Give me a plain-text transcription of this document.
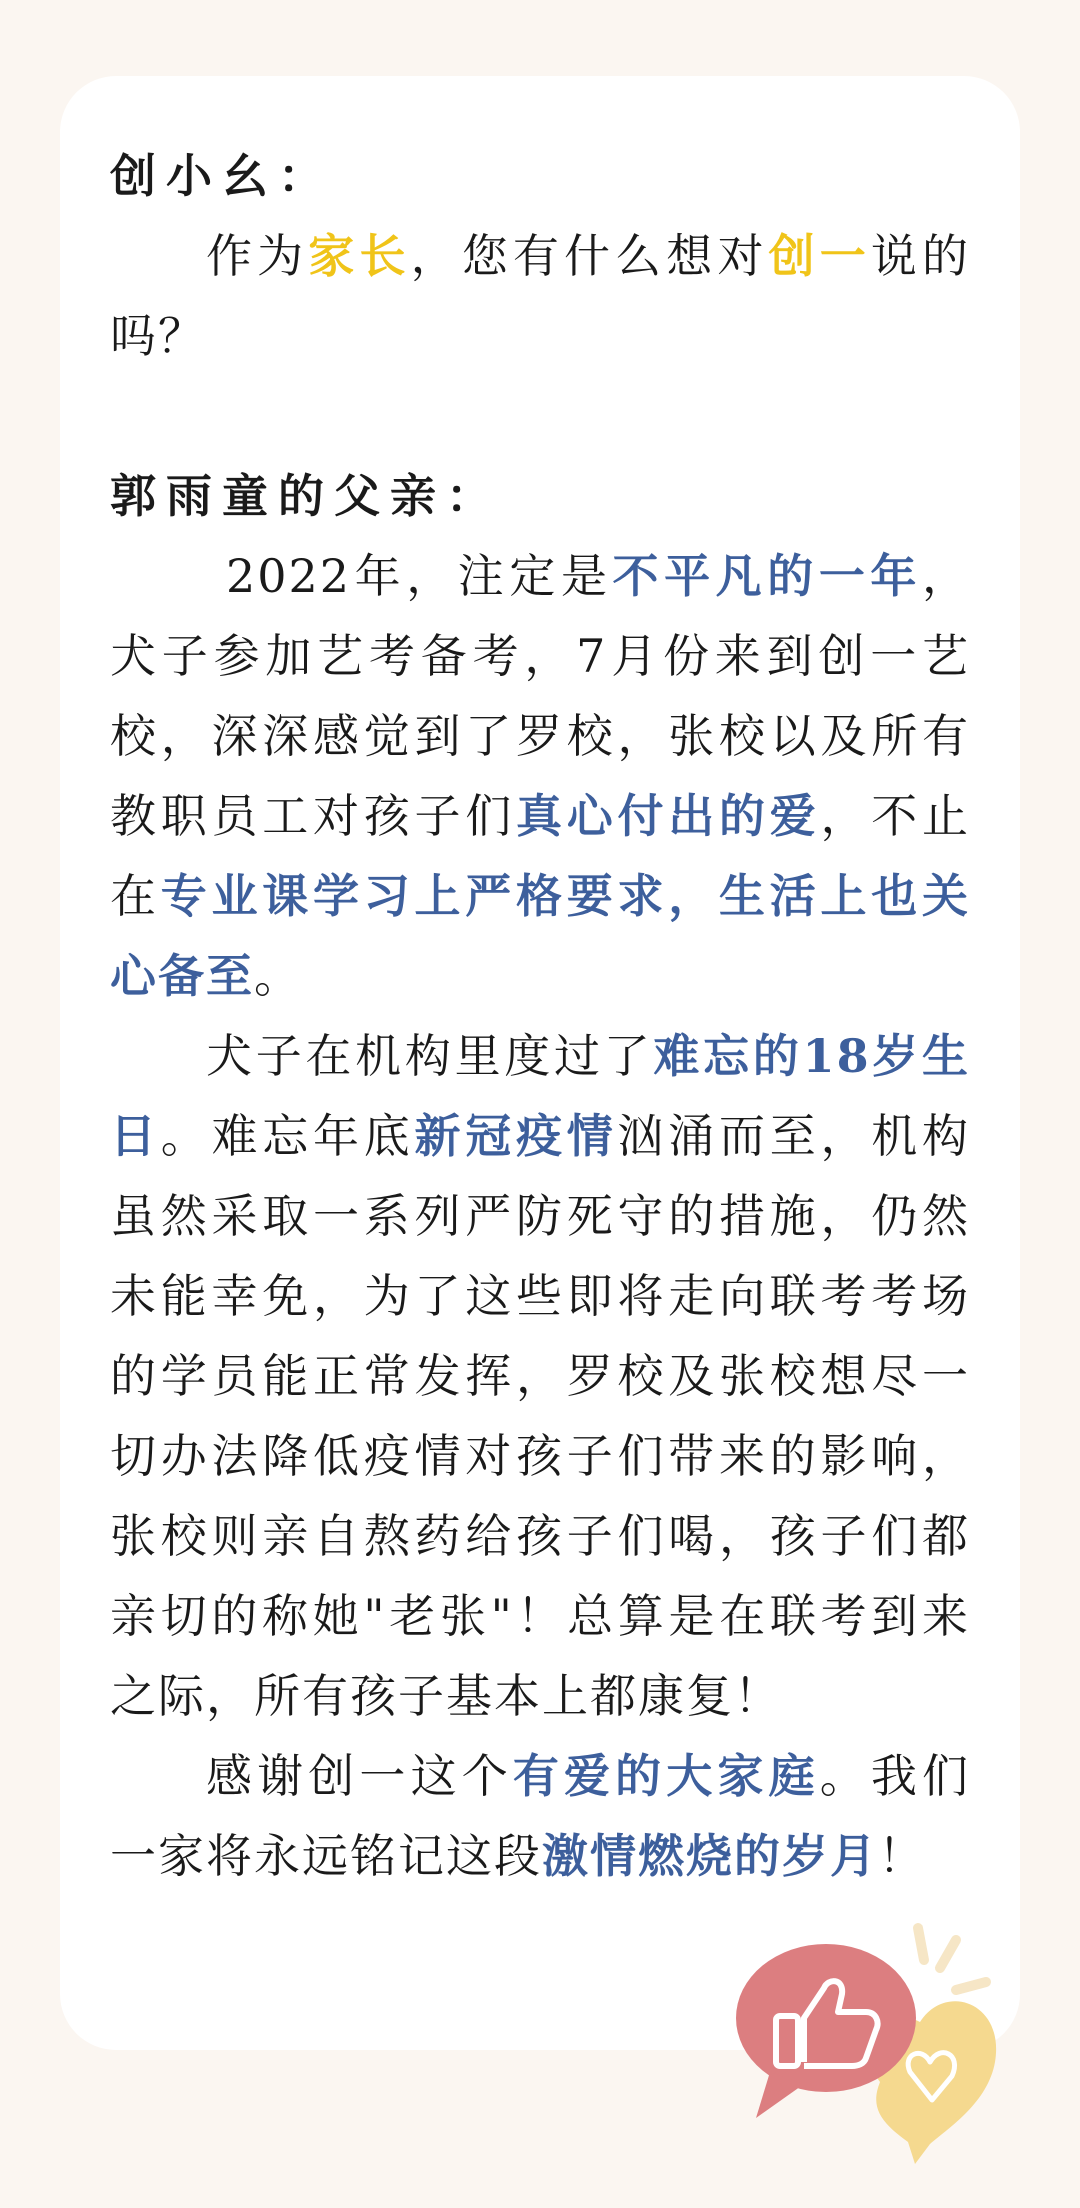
创小幺：

作为家长，您有什么想对创一说的吗？

郭雨童的父亲：

2022年，注定是不平凡的一年，犬子参加艺考备考，7月份来到创一艺校，深深感觉到了罗校，张校以及所有教职员工对孩子们真心付出的爱，不止在专业课学习上严格要求，生活上也关心备至。

犬子在机构里度过了难忘的18岁生日。难忘年底新冠疫情汹涌而至，机构虽然采取一系列严防死守的措施，仍然未能幸免，为了这些即将走向联考考场的学员能正常发挥，罗校及张校想尽一切办法降低疫情对孩子们带来的影响，张校则亲自熬药给孩子们喝，孩子们都亲切的称她"老张"！总算是在联考到来之际，所有孩子基本上都康复！

感谢创一这个有爱的大家庭。我们一家将永远铭记这段激情燃烧的岁月！
